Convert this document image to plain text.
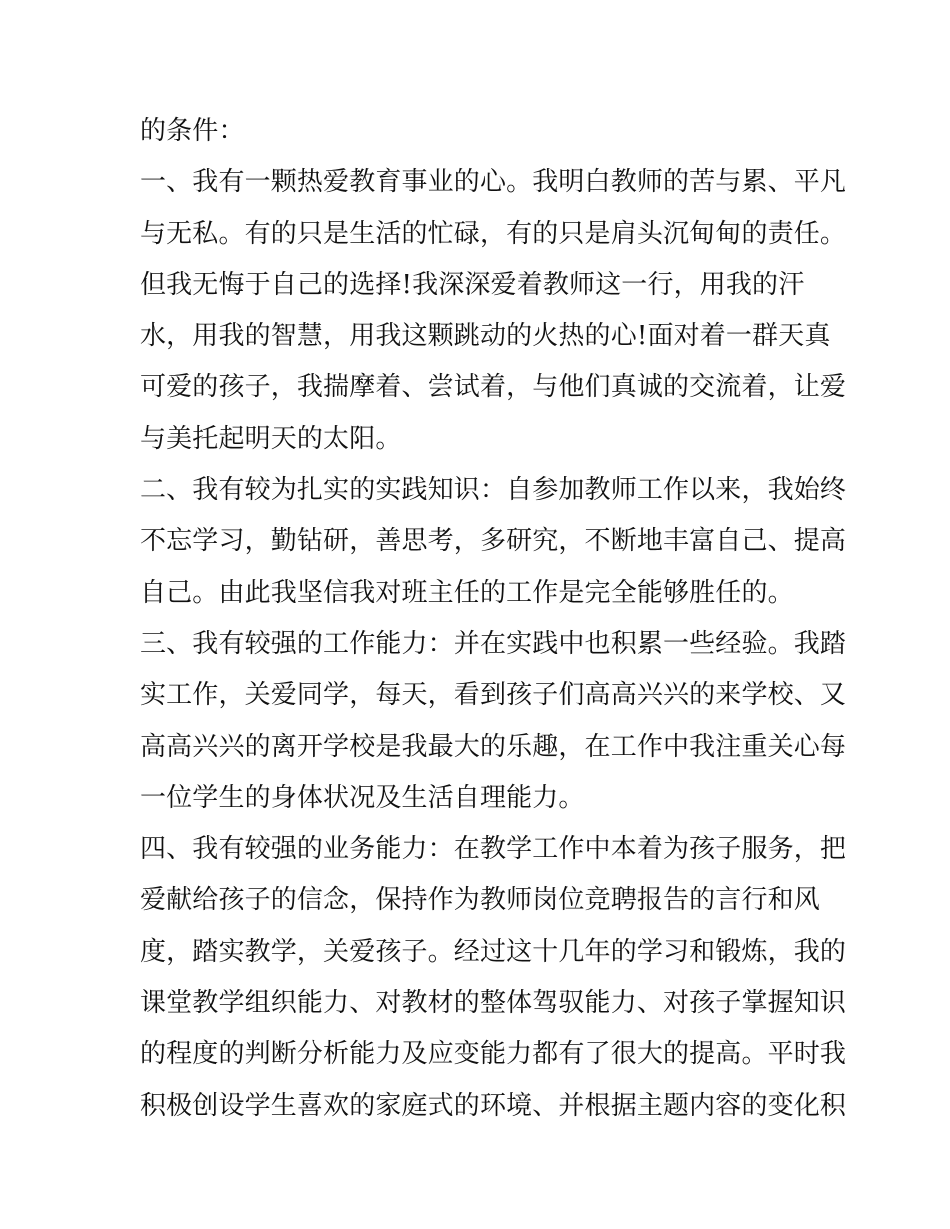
的条件：
一、我有一颗热爱教育事业的心。我明白教师的苦与累、平凡
与无私。有的只是生活的忙碌，有的只是肩头沉甸甸的责任。
但我无悔于自己的选择!我深深爱着教师这一行，用我的汗
水，用我的智慧，用我这颗跳动的火热的心!面对着一群天真
可爱的孩子，我揣摩着、尝试着，与他们真诚的交流着，让爱
与美托起明天的太阳。
二、我有较为扎实的实践知识：自参加教师工作以来，我始终
不忘学习，勤钻研，善思考，多研究，不断地丰富自己、提高
自己。由此我坚信我对班主任的工作是完全能够胜任的。
三、我有较强的工作能力：并在实践中也积累一些经验。我踏
实工作，关爱同学，每天，看到孩子们高高兴兴的来学校、又
高高兴兴的离开学校是我最大的乐趣，在工作中我注重关心每
一位学生的身体状况及生活自理能力。
四、我有较强的业务能力：在教学工作中本着为孩子服务，把
爱献给孩子的信念，保持作为教师岗位竞聘报告的言行和风
度，踏实教学，关爱孩子。经过这十几年的学习和锻炼，我的
课堂教学组织能力、对教材的整体驾驭能力、对孩子掌握知识
的程度的判断分析能力及应变能力都有了很大的提高。平时我
积极创设学生喜欢的家庭式的环境、并根据主题内容的变化积
